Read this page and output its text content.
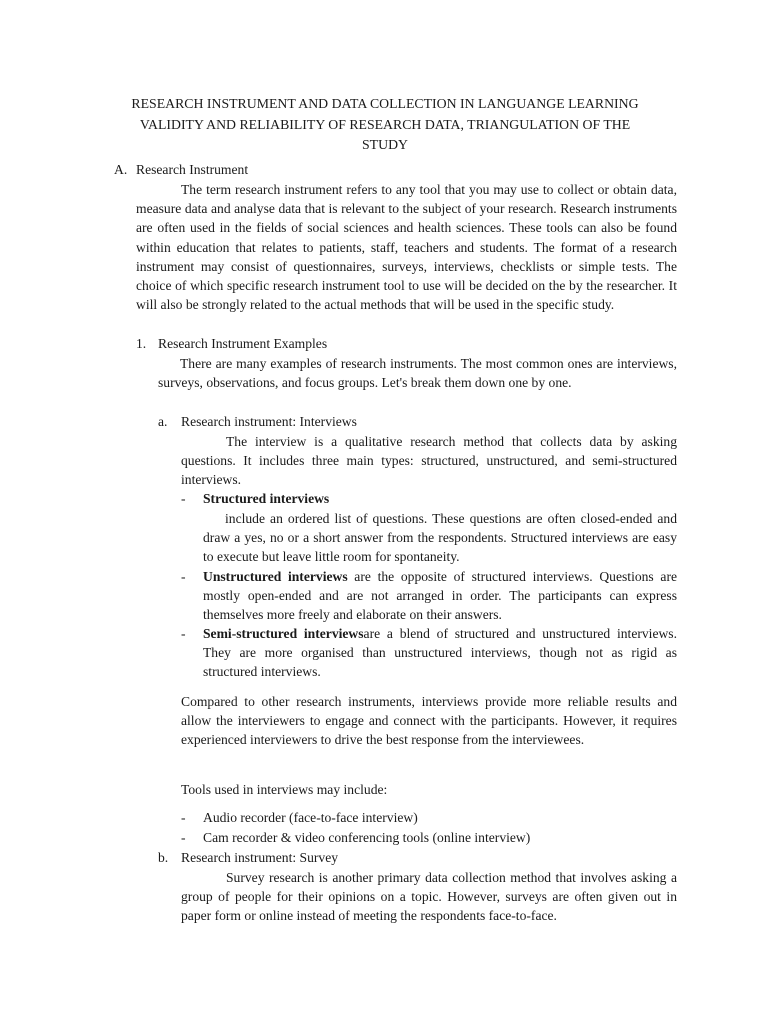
RESEARCH INSTRUMENT AND DATA COLLECTION IN LANGUANGE LEARNING
VALIDITY AND RELIABILITY OF RESEARCH DATA, TRIANGULATION OF THE
STUDY
A. Research Instrument

The term research instrument refers to any tool that you may use to collect or obtain data, measure data and analyse data that is relevant to the subject of your research. Research instruments are often used in the fields of social sciences and health sciences. These tools can also be found within education that relates to patients, staff, teachers and students. The format of a research instrument may consist of questionnaires, surveys, interviews, checklists or simple tests. The choice of which specific research instrument tool to use will be decided on the by the researcher. It will also be strongly related to the actual methods that will be used in the specific study.

1. Research Instrument Examples

There are many examples of research instruments. The most common ones are interviews, surveys, observations, and focus groups. Let's break them down one by one.

a. Research instrument: Interviews

The interview is a qualitative research method that collects data by asking questions. It includes three main types: structured, unstructured, and semi-structured interviews.

- Structured interviews

include an ordered list of questions. These questions are often closed-ended and draw a yes, no or a short answer from the respondents. Structured interviews are easy to execute but leave little room for spontaneity.

- Unstructured interviews are the opposite of structured interviews. Questions are mostly open-ended and are not arranged in order. The participants can express themselves more freely and elaborate on their answers.

- Semi-structured interviewsare a blend of structured and unstructured interviews. They are more organised than unstructured interviews, though not as rigid as structured interviews.

Compared to other research instruments, interviews provide more reliable results and allow the interviewers to engage and connect with the participants. However, it requires experienced interviewers to drive the best response from the interviewees.

Tools used in interviews may include:
- Audio recorder (face-to-face interview)
- Cam recorder & video conferencing tools (online interview)
b. Research instrument: Survey

Survey research is another primary data collection method that involves asking a group of people for their opinions on a topic. However, surveys are often given out in paper form or online instead of meeting the respondents face-to-face.
